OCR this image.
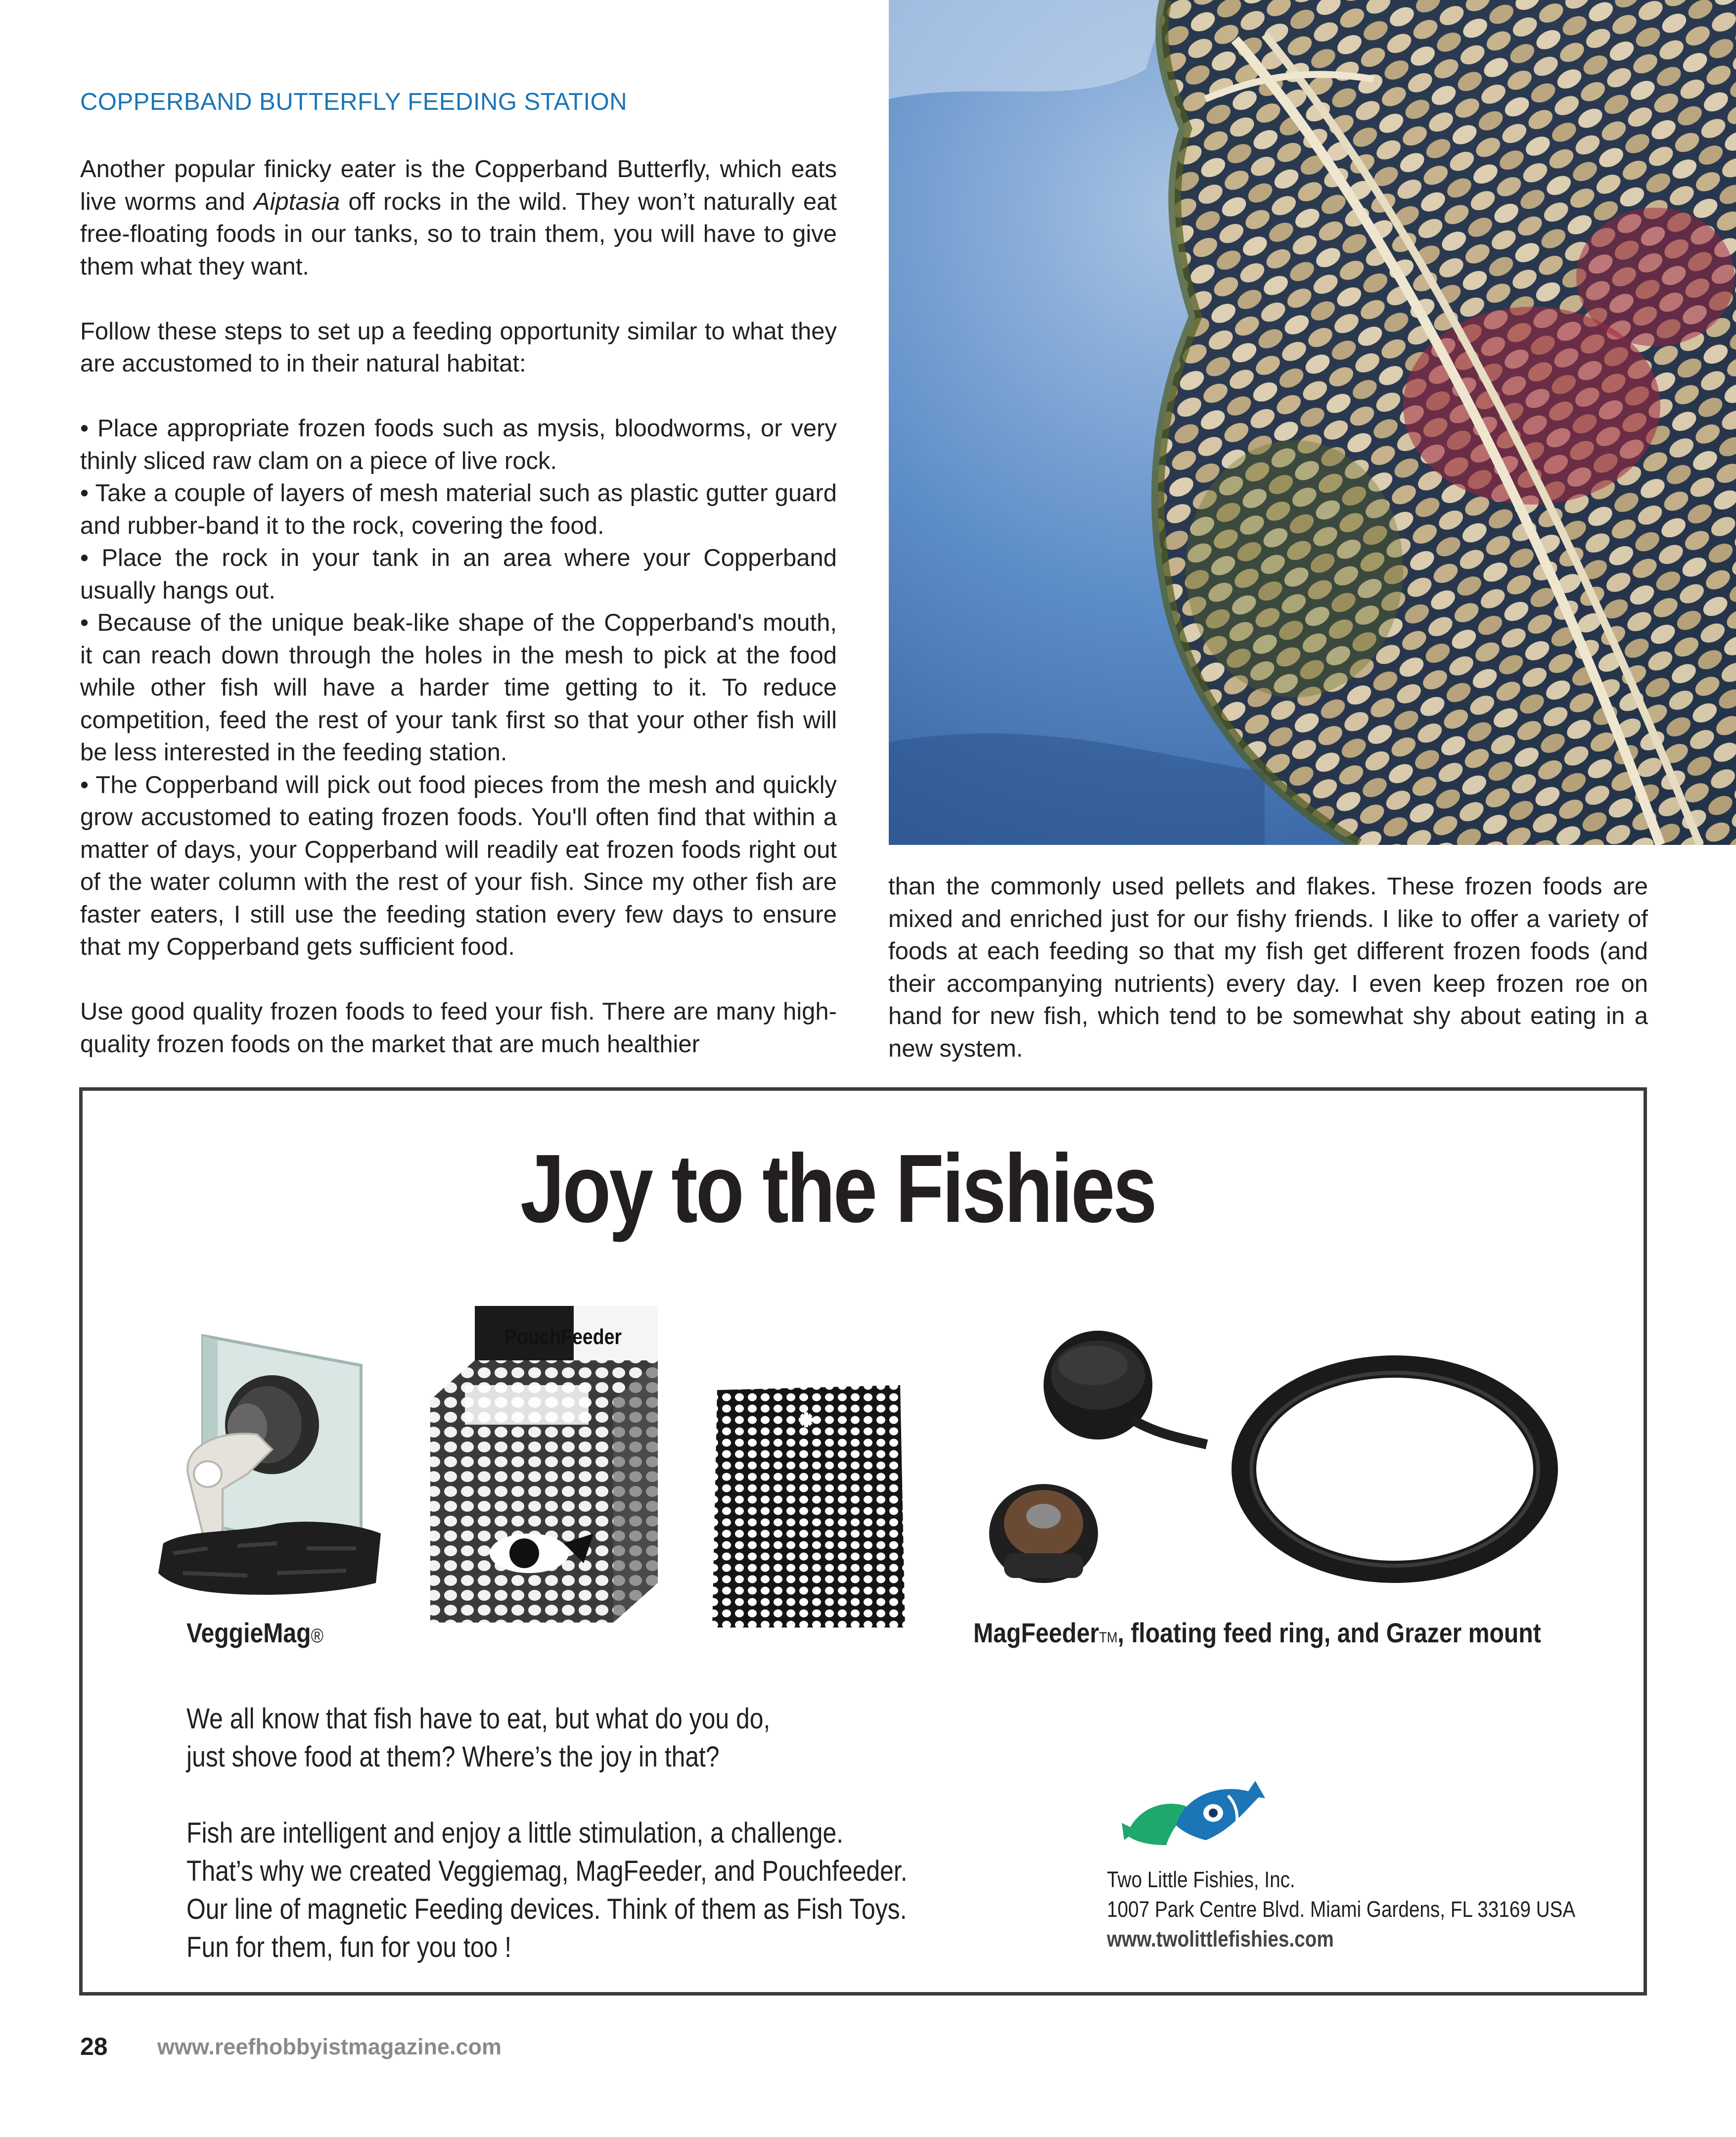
COPPERBAND BUTTERFLY FEEDING STATION

Another popular finicky eater is the Copperband Butterfly, which eats live worms and Aiptasia off rocks in the wild. They won’t naturally eat free-floating foods in our tanks, so to train them, you will have to give them what they want.

Follow these steps to set up a feeding opportunity similar to what they are accustomed to in their natural habitat:

• Place appropriate frozen foods such as mysis, bloodworms, or very thinly sliced raw clam on a piece of live rock.

• Take a couple of layers of mesh material such as plastic gutter guard and rubber-band it to the rock, covering the food.

• Place the rock in your tank in an area where your Copperband usually hangs out.

• Because of the unique beak-like shape of the Copperband's mouth, it can reach down through the holes in the mesh to pick at the food while other fish will have a harder time getting to it. To reduce competition, feed the rest of your tank first so that your other fish will be less interested in the feeding station.

• The Copperband will pick out food pieces from the mesh and quickly grow accustomed to eating frozen foods. You'll often find that within a matter of days, your Copperband will readily eat frozen foods right out of the water column with the rest of your fish. Since my other fish are faster eaters, I still use the feeding station every few days to ensure that my Copperband gets sufficient food.

Use good quality frozen foods to feed your fish. There are many high-quality frozen foods on the market that are much healthier

than the commonly used pellets and flakes. These frozen foods are mixed and enriched just for our fishy friends. I like to offer a variety of foods at each feeding so that my fish get different frozen foods (and their accompanying nutrients) every day. I even keep frozen roe on hand for new fish, which tend to be somewhat shy about eating in a new system.

Joy to the Fishies
PouchFeeder
VeggieMag®	MagFeederTM, floating feed ring, and Grazer mount

We all know that fish have to eat, but what do you do,

just shove food at them? Where’s the joy in that?

Fish are intelligent and enjoy a little stimulation, a challenge.

That’s why we created Veggiemag, MagFeeder, and Pouchfeeder.

Our line of magnetic Feeding devices. Think of them as Fish Toys.

Fun for them, fun for you too !

Two Little Fishies, Inc.
1007 Park Centre Blvd. Miami Gardens, FL 33169 USA
www.twolittlefishies.com
28 www.reefhobbyistmagazine.com
